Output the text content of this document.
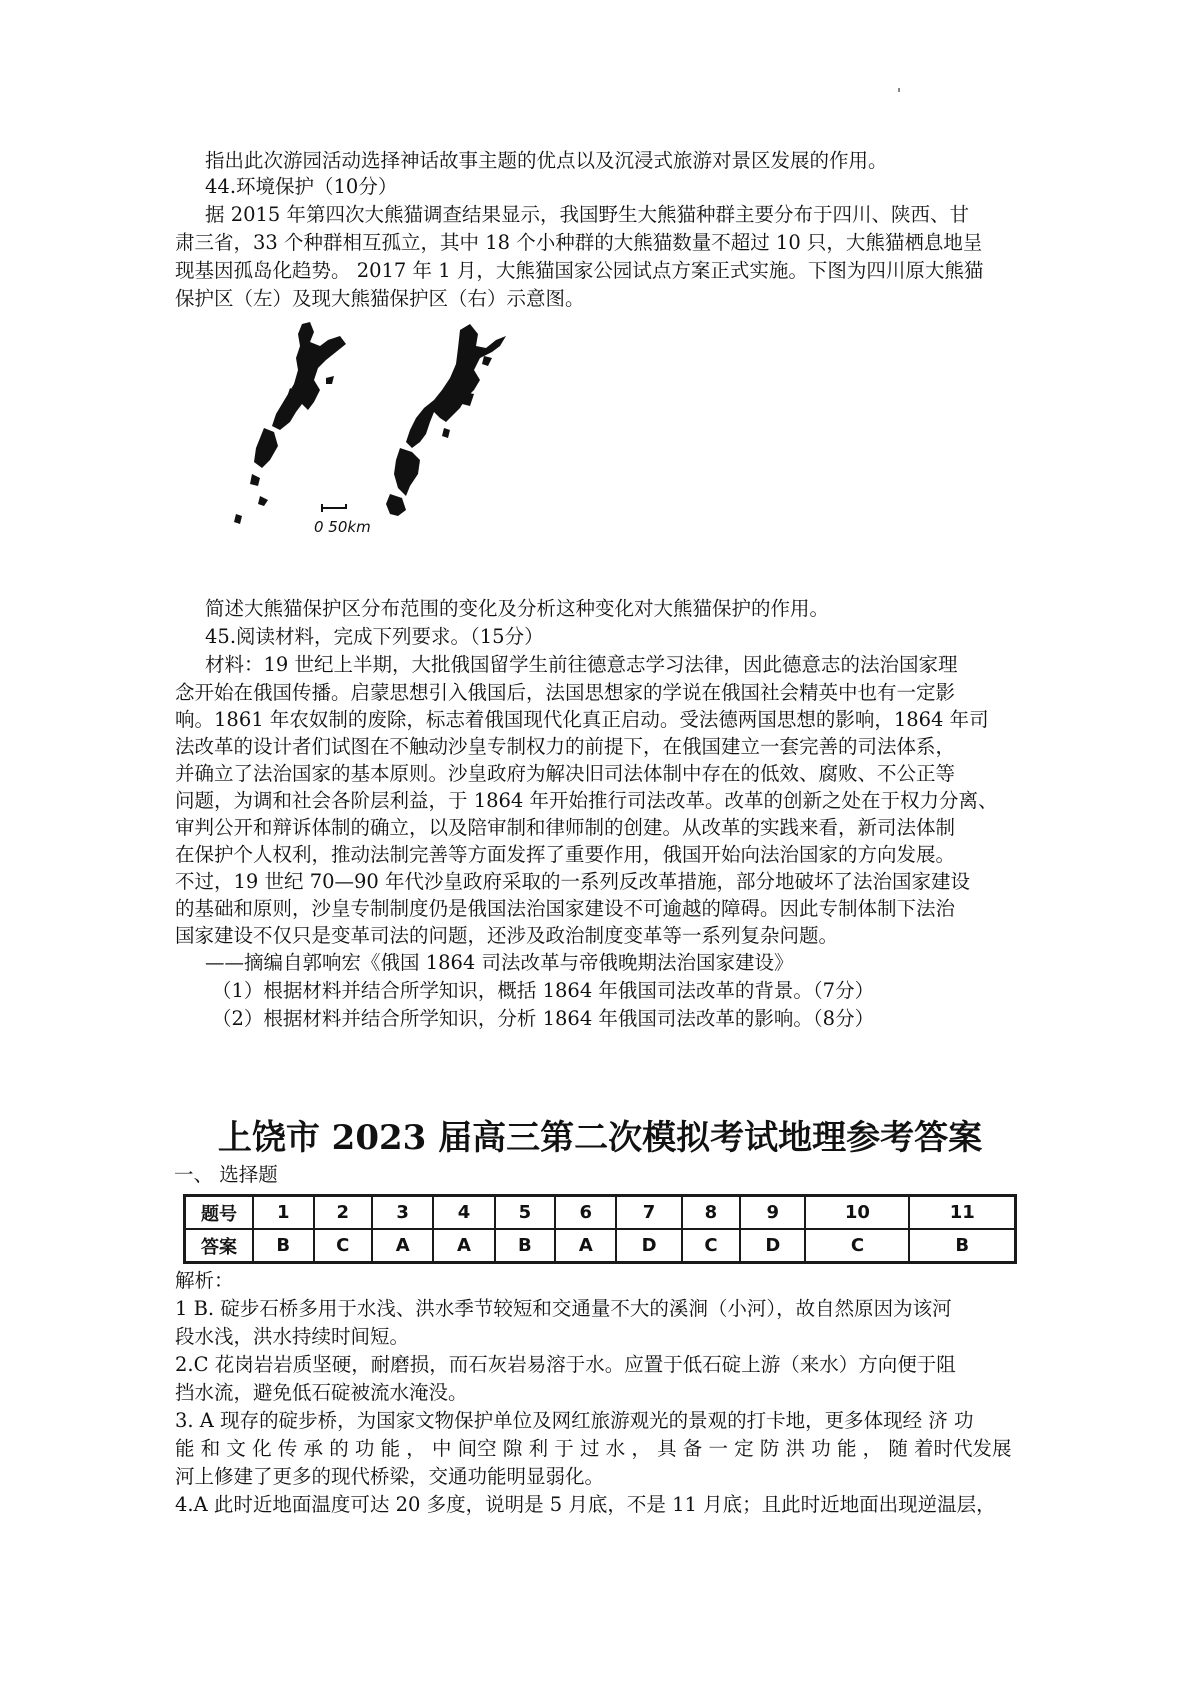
指出此次游园活动选择神话故事主题的优点以及沉浸式旅游对景区发展的作用。
44.环境保护（10分）
据 2015 年第四次大熊猫调查结果显示，我国野生大熊猫种群主要分布于四川、陕西、甘
肃三省，33 个种群相互孤立，其中 18 个小种群的大熊猫数量不超过 10 只，大熊猫栖息地呈
现基因孤岛化趋势。 2017 年 1 月，大熊猫国家公园试点方案正式实施。下图为四川原大熊猫
保护区（左）及现大熊猫保护区（右）示意图。
0 50km
简述大熊猫保护区分布范围的变化及分析这种变化对大熊猫保护的作用。
45.阅读材料，完成下列要求。（15分）
材料：19 世纪上半期，大批俄国留学生前往德意志学习法律，因此德意志的法治国家理
念开始在俄国传播。启蒙思想引入俄国后，法国思想家的学说在俄国社会精英中也有一定影
响。1861 年农奴制的废除，标志着俄国现代化真正启动。受法德两国思想的影响，1864 年司
法改革的设计者们试图在不触动沙皇专制权力的前提下，在俄国建立一套完善的司法体系，
并确立了法治国家的基本原则。沙皇政府为解决旧司法体制中存在的低效、腐败、不公正等
问题，为调和社会各阶层利益，于 1864 年开始推行司法改革。改革的创新之处在于权力分离、
审判公开和辩诉体制的确立，以及陪审制和律师制的创建。从改革的实践来看，新司法体制
在保护个人权利，推动法制完善等方面发挥了重要作用，俄国开始向法治国家的方向发展。
不过，19 世纪 70—90 年代沙皇政府采取的一系列反改革措施，部分地破坏了法治国家建设
的基础和原则，沙皇专制制度仍是俄国法治国家建设不可逾越的障碍。因此专制体制下法治
国家建设不仅只是变革司法的问题，还涉及政治制度变革等一系列复杂问题。
——摘编自郭响宏《俄国 1864 司法改革与帝俄晚期法治国家建设》
（1）根据材料并结合所学知识，概括 1864 年俄国司法改革的背景。（7分）
（2）根据材料并结合所学知识，分析 1864 年俄国司法改革的影响。（8分）
上饶市 2023 届高三第二次模拟考试地理参考答案
一、 选择题
题号	1	2	3	4	5	6	7	8	9	10	11
答案	B	C	A	A	B	A	D	C	D	C	B
解析：
1 B. 碇步石桥多用于水浅、洪水季节较短和交通量不大的溪涧（小河），故自然原因为该河
段水浅，洪水持续时间短。
2.C 花岗岩岩质坚硬，耐磨损，而石灰岩易溶于水。应置于低石碇上游（来水）方向便于阻
挡水流，避免低石碇被流水淹没。
3. A 现存的碇步桥，为国家文物保护单位及网红旅游观光的景观的打卡地，更多体现经 济 功
能 和 文 化 传 承 的 功 能 ， 中 间空 隙 利 于 过 水 ， 具 备 一 定 防 洪 功 能 ， 随 着时代发展
河上修建了更多的现代桥梁，交通功能明显弱化。
4.A 此时近地面温度可达 20 多度，说明是 5 月底，不是 11 月底；且此时近地面出现逆温层，
